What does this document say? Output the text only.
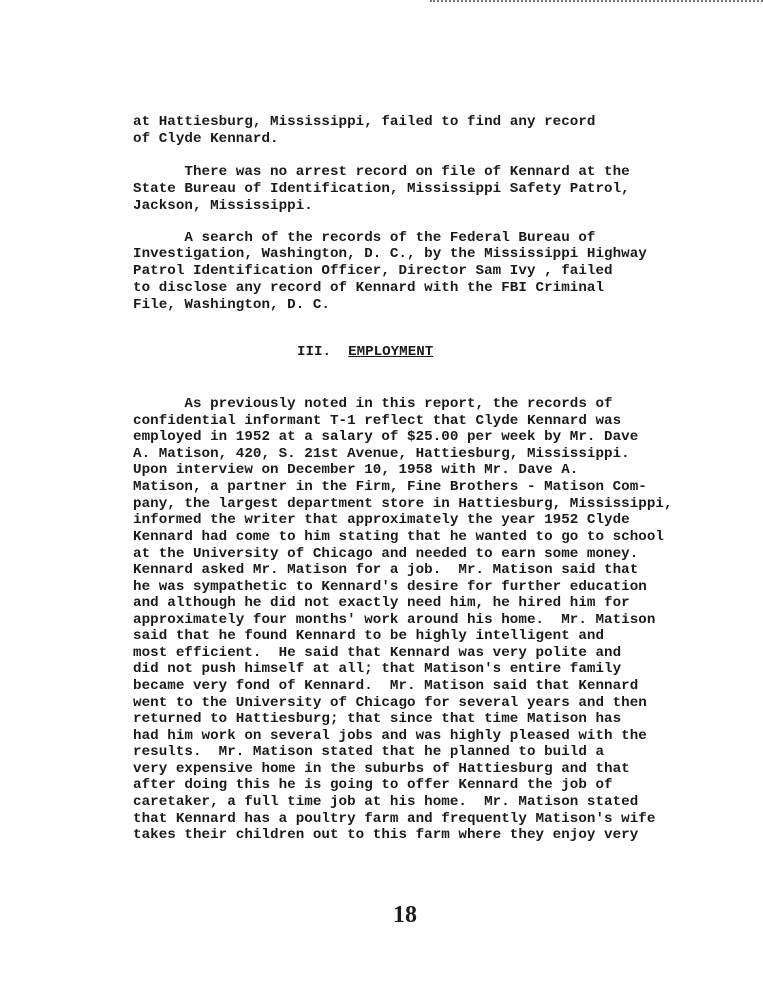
at Hattiesburg, Mississippi, failed to find any record
of Clyde Kennard.
There was no arrest record on file of Kennard at the
State Bureau of Identification, Mississippi Safety Patrol,
Jackson, Mississippi.
A search of the records of the Federal Bureau of
Investigation, Washington, D. C., by the Mississippi Highway
Patrol Identification Officer, Director Sam Ivy , failed
to disclose any record of Kennard with the FBI Criminal
File, Washington, D. C.
III. EMPLOYMENT
As previously noted in this report, the records of
confidential informant T-1 reflect that Clyde Kennard was
employed in 1952 at a salary of $25.00 per week by Mr. Dave
A. Matison, 420, S. 21st Avenue, Hattiesburg, Mississippi.
Upon interview on December 10, 1958 with Mr. Dave A.
Matison, a partner in the Firm, Fine Brothers - Matison Com-
pany, the largest department store in Hattiesburg, Mississippi,
informed the writer that approximately the year 1952 Clyde
Kennard had come to him stating that he wanted to go to school
at the University of Chicago and needed to earn some money.
Kennard asked Mr. Matison for a job.  Mr. Matison said that
he was sympathetic to Kennard's desire for further education
and although he did not exactly need him, he hired him for
approximately four months' work around his home.  Mr. Matison
said that he found Kennard to be highly intelligent and
most efficient.  He said that Kennard was very polite and
did not push himself at all; that Matison's entire family
became very fond of Kennard.  Mr. Matison said that Kennard
went to the University of Chicago for several years and then
returned to Hattiesburg; that since that time Matison has
had him work on several jobs and was highly pleased with the
results.  Mr. Matison stated that he planned to build a
very expensive home in the suburbs of Hattiesburg and that
after doing this he is going to offer Kennard the job of
caretaker, a full time job at his home.  Mr. Matison stated
that Kennard has a poultry farm and frequently Matison's wife
takes their children out to this farm where they enjoy very
18
